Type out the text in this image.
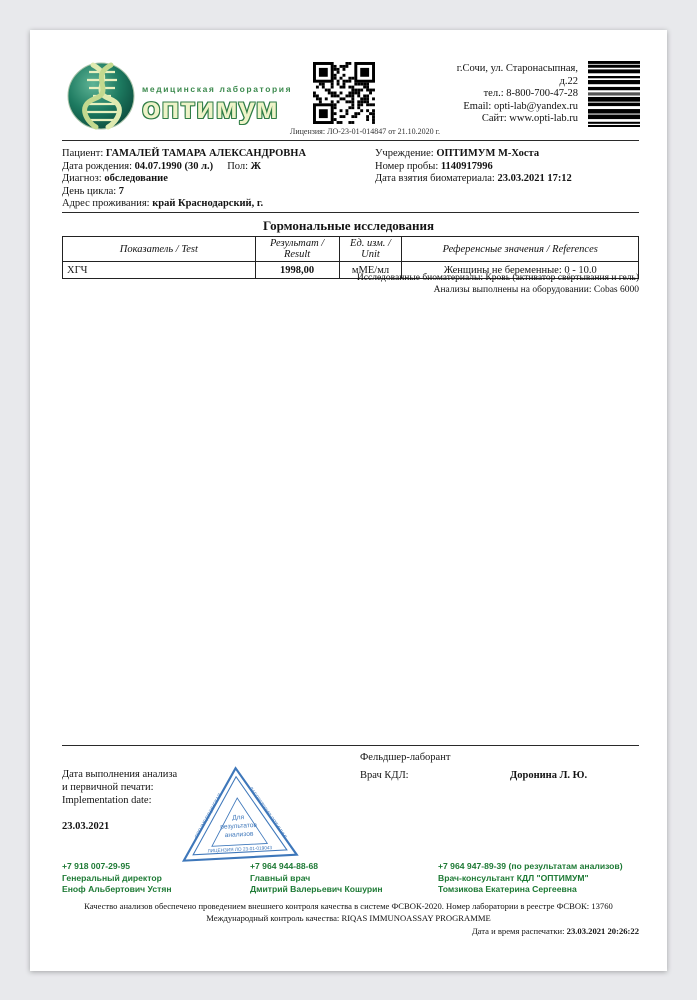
медицинская лаборатория
оптимум
Лицензия: ЛО-23-01-014847 от 21.10.2020 г.
г.Сочи, ул. Старонасыпная,
д.22
тел.: 8-800-700-47-28
Email: opti-lab@yandex.ru
Сайт: www.opti-lab.ru
Пациент: ГАМАЛЕЙ ТАМАРА АЛЕКСАНДРОВНА
Дата рождения: 04.07.1990 (30 л.) Пол: Ж
Диагноз: обследование
День цикла: 7
Адрес проживания: край Краснодарский, г.
Учреждение: ОПТИМУМ М-Хоста
Номер пробы: 1140917996
Дата взятия биоматериала: 23.03.2021 17:12
Гормональные исследования
Показатель / Test	Результат / Result	Ед. изм. / Unit	Референсные значения / References
ХГЧ	1998,00	мМЕ/мл	Женщины не беременные: 0 - 10.0
Исследованные биоматериалы: Кровь (активатор свёртывания и гель)
Анализы выполнены на оборудовании: Cobas 6000
Фельдшер-лаборант
Врач КДЛ:	Доронина Л. Ю.
Дата выполнения анализа
и первичной печати:
Implementation date:
23.03.2021
Для
результатов
анализов
ЛИЦЕНЗИЯ ЛО 23-01-019043
ООО "МЕДИЦИНСКАЯ	ЛАБОРАТОРИЯ ОПТИМУМ"
+7 918 007-29-95
Генеральный директор
Еноф Альбертович Устян
+7 964 944-88-68
Главный врач
Дмитрий Валерьевич Кошурин
+7 964 947-89-39 (по результатам анализов)
Врач-консультант КДЛ "ОПТИМУМ"
Томзикова Екатерина Сергеевна
Качество анализов обеспечено проведением внешнего контроля качества в системе ФСВОК-2020. Номер лаборатории в реестре ФСВОК: 13760
Международный контроль качества: RIQAS IMMUNOASSAY PROGRAMME
Дата и время распечатки: 23.03.2021 20:26:22
